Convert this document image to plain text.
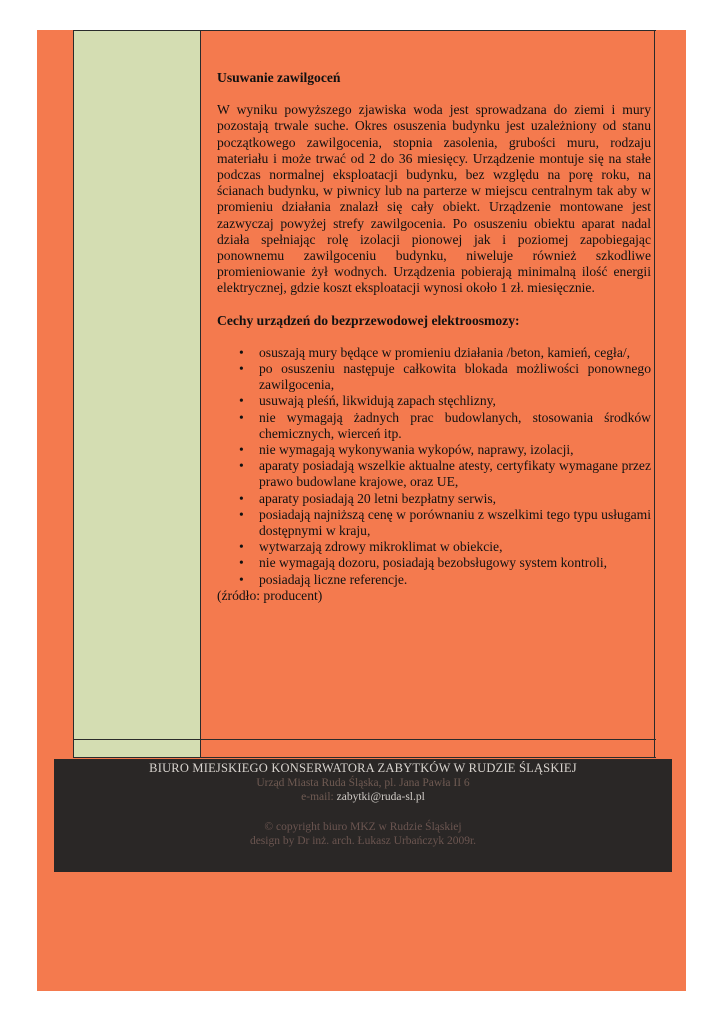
Usuwanie zawilgoceń

W wyniku powyższego zjawiska woda jest sprowadzana do ziemi i mury pozostają trwale suche. Okres osuszenia budynku jest uzależniony od stanu początkowego zawilgocenia, stopnia zasolenia, grubości muru, rodzaju materiału i może trwać od 2 do 36 miesięcy. Urządzenie montuje się na stałe podczas normalnej eksploatacji budynku, bez względu na porę roku, na ścianach budynku, w piwnicy lub na parterze w miejscu centralnym tak aby w promieniu działania znalazł się cały obiekt. Urządzenie montowane jest zazwyczaj powyżej strefy zawilgocenia. Po osuszeniu obiektu aparat nadal działa spełniając rolę izolacji pionowej jak i poziomej zapobiegając ponownemu zawilgoceniu budynku, niweluje również szkodliwe promieniowanie żył wodnych. Urządzenia pobierają minimalną ilość energii elektrycznej, gdzie koszt eksploatacji wynosi około 1 zł. miesięcznie.

Cechy urządzeń do bezprzewodowej elektroosmozy:

• osuszają mury będące w promieniu działania /beton, kamień, cegła/,
• po osuszeniu następuje całkowita blokada możliwości ponownego zawilgocenia,
• usuwają pleśń, likwidują zapach stęchlizny,
• nie wymagają żadnych prac budowlanych, stosowania środków chemicznych, wierceń itp.
• nie wymagają wykonywania wykopów, naprawy, izolacji,
• aparaty posiadają wszelkie aktualne atesty, certyfikaty wymagane przez prawo budowlane krajowe, oraz UE,
• aparaty posiadają 20 letni bezpłatny serwis,
• posiadają najniższą cenę w porównaniu z wszelkimi tego typu usługami dostępnymi w kraju,
• wytwarzają zdrowy mikroklimat w obiekcie,
• nie wymagają dozoru, posiadają bezobsługowy system kontroli,
• posiadają liczne referencje.

(źródło: producent)

BIURO MIEJSKIEGO KONSERWATORA ZABYTKÓW W RUDZIE ŚLĄSKIEJ
Urząd Miasta Ruda Śląska, pl. Jana Pawła II 6
e-mail: zabytki@ruda-sl.pl
© copyright biuro MKZ w Rudzie Śląskiej
design by Dr inż. arch. Łukasz Urbańczyk 2009r.
